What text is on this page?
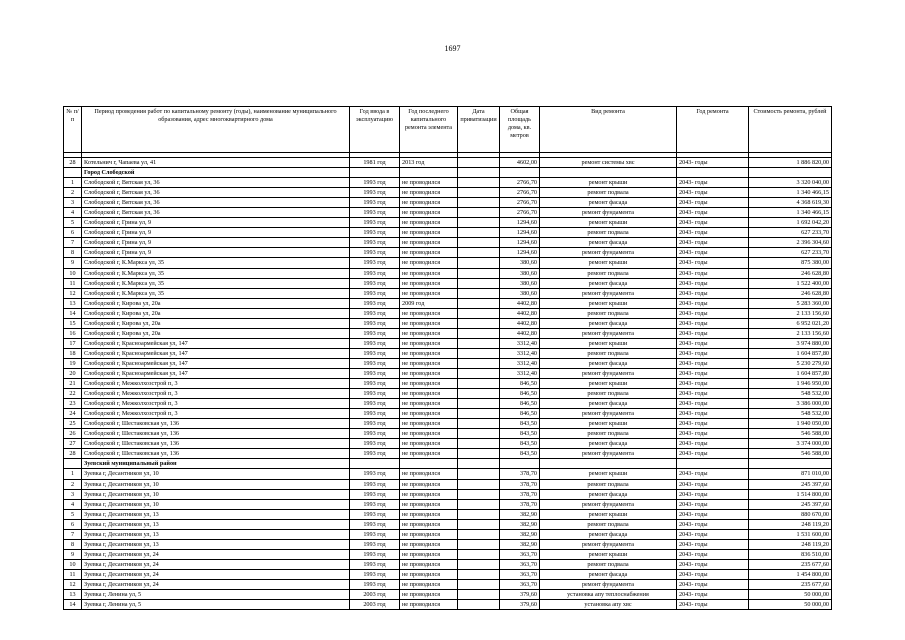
1697
№ п/п	Период проведения работ по капитальному ремонту (годы), наименование муниципального образования, адрес многоквартирного дома	Год ввода в эксплуатацию	Год последнего капитального ремонта элемента	Дата приватизации	Общая площадь дома, кв. метров	Вид ремонта	Год ремонта	Стоимость ремонта, рублей

28	Котельнич г, Чапаева ул, 41	1981 год	2013 год		4602,00	ремонт системы хвс	2043- годы	1 886 820,00
	Город Слободской							
1	Слободской г, Вятская ул, 36	1993 год	не проводился		2766,70	ремонт крыши	2043- годы	3 320 040,00
2	Слободской г, Вятская ул, 36	1993 год	не проводился		2766,70	ремонт подвала	2043- годы	1 340 466,15
3	Слободской г, Вятская ул, 36	1993 год	не проводился		2766,70	ремонт фасада	2043- годы	4 368 619,30
4	Слободской г, Вятская ул, 36	1993 год	не проводился		2766,70	ремонт фундамента	2043- годы	1 340 466,15
5	Слободской г, Грина ул, 9	1993 год	не проводился		1294,60	ремонт крыши	2043- годы	1 692 042,20
6	Слободской г, Грина ул, 9	1993 год	не проводился		1294,60	ремонт подвала	2043- годы	627 233,70
7	Слободской г, Грина ул, 9	1993 год	не проводился		1294,60	ремонт фасада	2043- годы	2 396 304,60
8	Слободской г, Грина ул, 9	1993 год	не проводился		1294,60	ремонт фундамента	2043- годы	627 233,70
9	Слободской г, К.Маркса ул, 35	1993 год	не проводился		380,60	ремонт крыши	2043- годы	875 380,00
10	Слободской г, К.Маркса ул, 35	1993 год	не проводился		380,60	ремонт подвала	2043- годы	246 628,80
11	Слободской г, К.Маркса ул, 35	1993 год	не проводился		380,60	ремонт фасада	2043- годы	1 522 400,00
12	Слободской г, К.Маркса ул, 35	1993 год	не проводился		380,60	ремонт фундамента	2043- годы	246 628,80
13	Слободской г, Кирова ул, 20а	1993 год	2009 год		4402,80	ремонт крыши	2043- годы	5 283 360,00
14	Слободской г, Кирова ул, 20а	1993 год	не проводился		4402,80	ремонт подвала	2043- годы	2 133 156,60
15	Слободской г, Кирова ул, 20а	1993 год	не проводился		4402,80	ремонт фасада	2043- годы	6 952 021,20
16	Слободской г, Кирова ул, 20а	1993 год	не проводился		4402,80	ремонт фундамента	2043- годы	2 133 156,60
17	Слободской г, Красноармейская ул, 147	1993 год	не проводился		3312,40	ремонт крыши	2043- годы	3 974 880,00
18	Слободской г, Красноармейская ул, 147	1993 год	не проводился		3312,40	ремонт подвала	2043- годы	1 604 857,80
19	Слободской г, Красноармейская ул, 147	1993 год	не проводился		3312,40	ремонт фасада	2043- годы	5 230 279,60
20	Слободской г, Красноармейская ул, 147	1993 год	не проводился		3312,40	ремонт фундамента	2043- годы	1 604 857,80
21	Слободской г, Межколхозстрой п, 3	1993 год	не проводился		846,50	ремонт крыши	2043- годы	1 946 950,00
22	Слободской г, Межколхозстрой п, 3	1993 год	не проводился		846,50	ремонт подвала	2043- годы	548 532,00
23	Слободской г, Межколхозстрой п, 3	1993 год	не проводился		846,50	ремонт фасада	2043- годы	3 386 000,00
24	Слободской г, Межколхозстрой п, 3	1993 год	не проводился		846,50	ремонт фундамента	2043- годы	548 532,00
25	Слободской г, Шестаковская ул, 136	1993 год	не проводился		843,50	ремонт крыши	2043- годы	1 940 050,00
26	Слободской г, Шестаковская ул, 136	1993 год	не проводился		843,50	ремонт подвала	2043- годы	546 588,00
27	Слободской г, Шестаковская ул, 136	1993 год	не проводился		843,50	ремонт фасада	2043- годы	3 374 000,00
28	Слободской г, Шестаковская ул, 136	1993 год	не проводился		843,50	ремонт фундамента	2043- годы	546 588,00
	Зуевский муниципальный район							
1	Зуевка г, Десантников ул, 10	1993 год	не проводился		378,70	ремонт крыши	2043- годы	871 010,00
2	Зуевка г, Десантников ул, 10	1993 год	не проводился		378,70	ремонт подвала	2043- годы	245 397,60
3	Зуевка г, Десантников ул, 10	1993 год	не проводился		378,70	ремонт фасада	2043- годы	1 514 800,00
4	Зуевка г, Десантников ул, 10	1993 год	не проводился		378,70	ремонт фундамента	2043- годы	245 397,60
5	Зуевка г, Десантников ул, 13	1993 год	не проводился		382,90	ремонт крыши	2043- годы	880 670,00
6	Зуевка г, Десантников ул, 13	1993 год	не проводился		382,90	ремонт подвала	2043- годы	248 119,20
7	Зуевка г, Десантников ул, 13	1993 год	не проводился		382,90	ремонт фасада	2043- годы	1 531 600,00
8	Зуевка г, Десантников ул, 13	1993 год	не проводился		382,90	ремонт фундамента	2043- годы	248 119,20
9	Зуевка г, Десантников ул, 24	1993 год	не проводился		363,70	ремонт крыши	2043- годы	836 510,00
10	Зуевка г, Десантников ул, 24	1993 год	не проводился		363,70	ремонт подвала	2043- годы	235 677,60
11	Зуевка г, Десантников ул, 24	1993 год	не проводился		363,70	ремонт фасада	2043- годы	1 454 800,00
12	Зуевка г, Десантников ул, 24	1993 год	не проводился		363,70	ремонт фундамента	2043- годы	235 677,60
13	Зуевка г, Ленина ул, 5	2003 год	не проводился		379,60	установка апу теплоснабжения	2043- годы	50 000,00
14	Зуевка г, Ленина ул, 5	2003 год	не проводился		379,60	установка апу хвс	2043- годы	50 000,00
